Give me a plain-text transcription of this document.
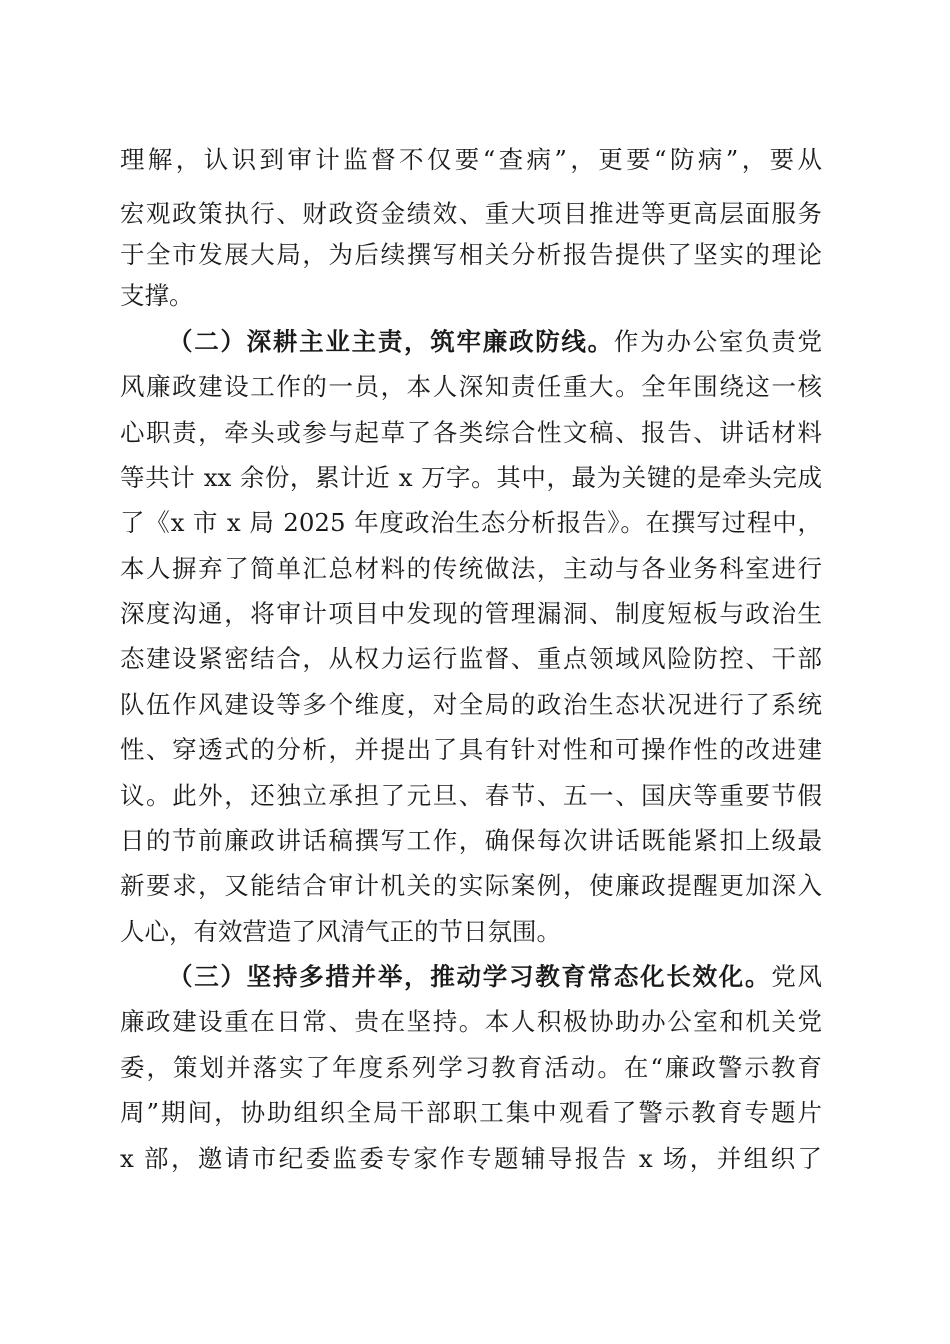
理解，认识到审计监督不仅要“查病”，更要“防病”，要从
宏观政策执行、财政资金绩效、重大项目推进等更高层面服务
于全市发展大局，为后续撰写相关分析报告提供了坚实的理论
支撑。
（二）深耕主业主责，筑牢廉政防线。作为办公室负责党
风廉政建设工作的一员，本人深知责任重大。全年围绕这一核
心职责，牵头或参与起草了各类综合性文稿、报告、讲话材料
等共计 xx 余份，累计近 x 万字。其中，最为关键的是牵头完成
了《x 市 x 局 2025 年度政治生态分析报告》。在撰写过程中，
本人摒弃了简单汇总材料的传统做法，主动与各业务科室进行
深度沟通，将审计项目中发现的管理漏洞、制度短板与政治生
态建设紧密结合，从权力运行监督、重点领域风险防控、干部
队伍作风建设等多个维度，对全局的政治生态状况进行了系统
性、穿透式的分析，并提出了具有针对性和可操作性的改进建
议。此外，还独立承担了元旦、春节、五一、国庆等重要节假
日的节前廉政讲话稿撰写工作，确保每次讲话既能紧扣上级最
新要求，又能结合审计机关的实际案例，使廉政提醒更加深入
人心，有效营造了风清气正的节日氛围。
（三）坚持多措并举，推动学习教育常态化长效化。党风
廉政建设重在日常、贵在坚持。本人积极协助办公室和机关党
委，策划并落实了年度系列学习教育活动。在“廉政警示教育
周”期间，协助组织全局干部职工集中观看了警示教育专题片
x 部，邀请市纪委监委专家作专题辅导报告 x 场，并组织了
